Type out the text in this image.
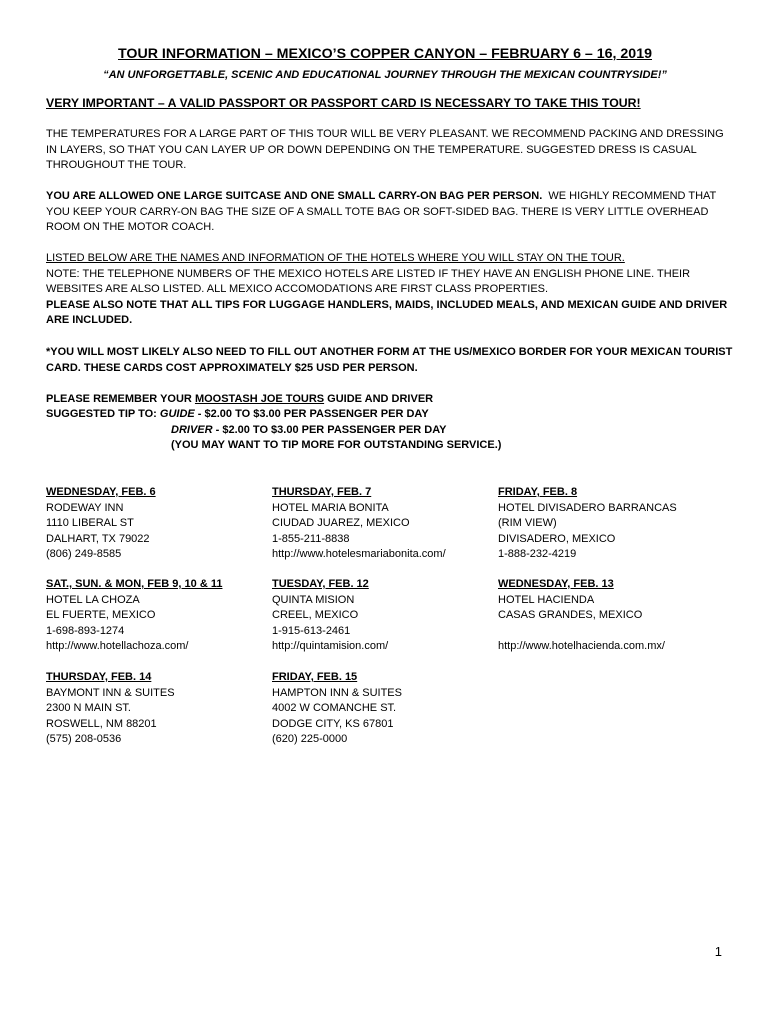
TOUR INFORMATION – MEXICO’S COPPER CANYON – FEBRUARY 6 – 16, 2019
“AN UNFORGETTABLE, SCENIC AND EDUCATIONAL JOURNEY THROUGH THE MEXICAN COUNTRYSIDE!”
VERY IMPORTANT – A VALID PASSPORT OR PASSPORT CARD IS NECESSARY TO TAKE THIS TOUR!
THE TEMPERATURES FOR A LARGE PART OF THIS TOUR WILL BE VERY PLEASANT. WE RECOMMEND PACKING AND DRESSING IN LAYERS, SO THAT YOU CAN LAYER UP OR DOWN DEPENDING ON THE TEMPERATURE. SUGGESTED DRESS IS CASUAL THROUGHOUT THE TOUR.
YOU ARE ALLOWED ONE LARGE SUITCASE AND ONE SMALL CARRY-ON BAG PER PERSON. WE HIGHLY RECOMMEND THAT YOU KEEP YOUR CARRY-ON BAG THE SIZE OF A SMALL TOTE BAG OR SOFT-SIDED BAG. THERE IS VERY LITTLE OVERHEAD ROOM ON THE MOTOR COACH.
LISTED BELOW ARE THE NAMES AND INFORMATION OF THE HOTELS WHERE YOU WILL STAY ON THE TOUR.
NOTE: THE TELEPHONE NUMBERS OF THE MEXICO HOTELS ARE LISTED IF THEY HAVE AN ENGLISH PHONE LINE. THEIR WEBSITES ARE ALSO LISTED. ALL MEXICO ACCOMODATIONS ARE FIRST CLASS PROPERTIES.
PLEASE ALSO NOTE THAT ALL TIPS FOR LUGGAGE HANDLERS, MAIDS, INCLUDED MEALS, AND MEXICAN GUIDE AND DRIVER ARE INCLUDED.
*YOU WILL MOST LIKELY ALSO NEED TO FILL OUT ANOTHER FORM AT THE US/MEXICO BORDER FOR YOUR MEXICAN TOURIST CARD. THESE CARDS COST APPROXIMATELY $25 USD PER PERSON.
PLEASE REMEMBER YOUR MOOSTASH JOE TOURS GUIDE AND DRIVER
SUGGESTED TIP TO: GUIDE - $2.00 TO $3.00 PER PASSENGER PER DAY
DRIVER - $2.00 TO $3.00 PER PASSENGER PER DAY
(YOU MAY WANT TO TIP MORE FOR OUTSTANDING SERVICE.)
WEDNESDAY, FEB. 6
RODEWAY INN
1110 LIBERAL ST
DALHART, TX 79022
(806) 249-8585
THURSDAY, FEB. 7
HOTEL MARIA BONITA
CIUDAD JUAREZ, MEXICO
1-855-211-8838
http://www.hotelesmariabonita.com/
FRIDAY, FEB. 8
HOTEL DIVISADERO BARRANCAS
(RIM VIEW)
DIVISADERO, MEXICO
1-888-232-4219
SAT., SUN. & MON, FEB 9, 10 & 11
HOTEL LA CHOZA
EL FUERTE, MEXICO
1-698-893-1274
http://www.hotellachoza.com/
TUESDAY, FEB. 12
QUINTA MISION
CREEL, MEXICO
1-915-613-2461
http://quintamision.com/
WEDNESDAY, FEB. 13
HOTEL HACIENDA
CASAS GRANDES, MEXICO
http://www.hotelhacienda.com.mx/
THURSDAY, FEB. 14
BAYMONT INN & SUITES
2300 N MAIN ST.
ROSWELL, NM 88201
(575) 208-0536
FRIDAY, FEB. 15
HAMPTON INN & SUITES
4002 W COMANCHE ST.
DODGE CITY, KS 67801
(620) 225-0000
1
